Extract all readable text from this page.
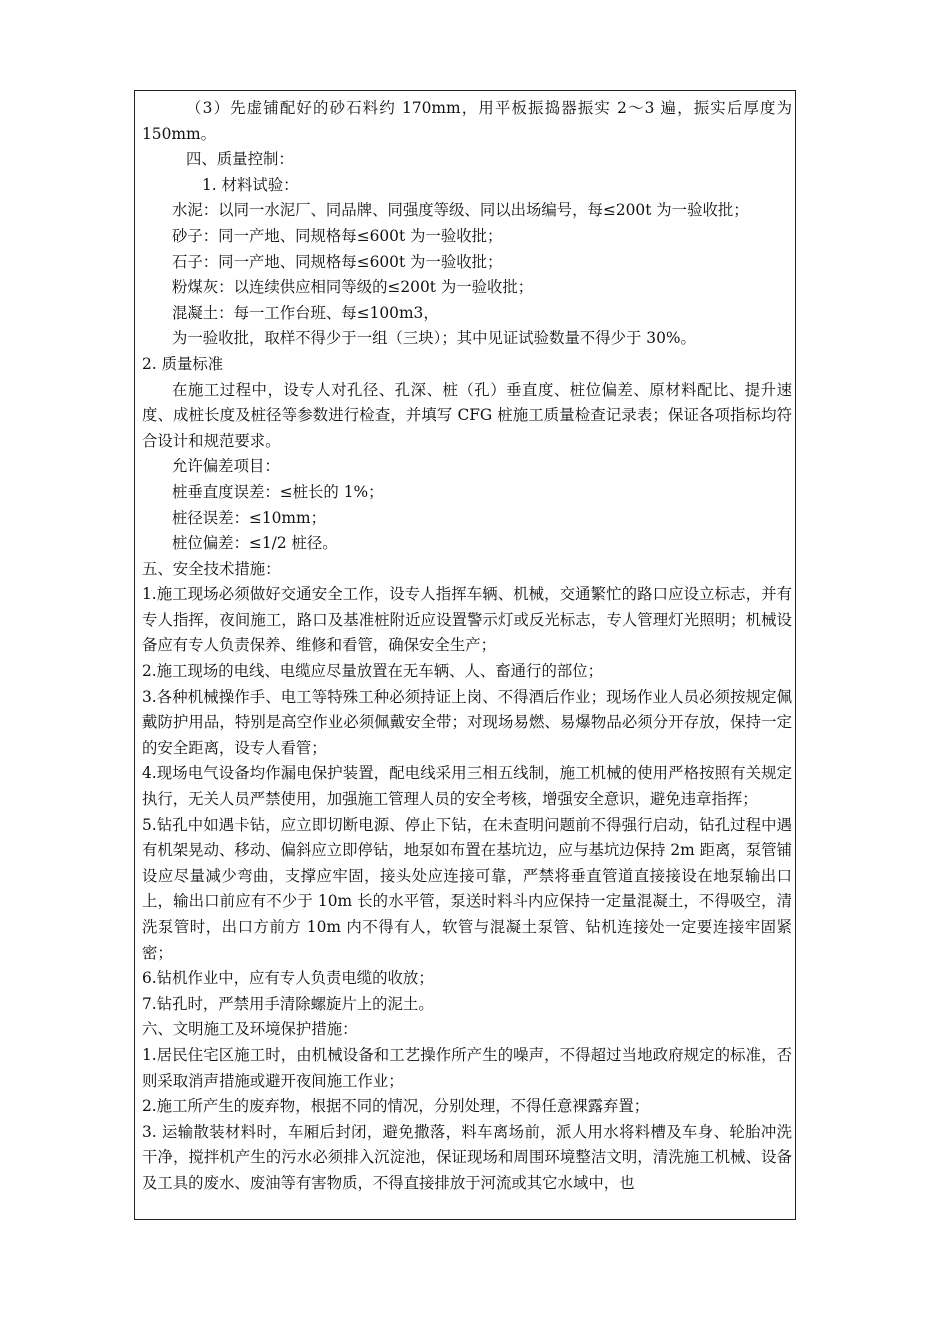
（3）先虚铺配好的砂石料约 170mm，用平板振捣器振实 2～3 遍，振实后厚度为 150mm。

四、质量控制：

1. 材料试验：

水泥：以同一水泥厂、同品牌、同强度等级、同以出场编号，每≤200t 为一验收批；

砂子：同一产地、同规格每≤600t 为一验收批；

石子：同一产地、同规格每≤600t 为一验收批；

粉煤灰：以连续供应相同等级的≤200t 为一验收批；

混凝土：每一工作台班、每≤100m3，

为一验收批，取样不得少于一组（三块）；其中见证试验数量不得少于 30%。

2. 质量标准

在施工过程中，设专人对孔径、孔深、桩（孔）垂直度、桩位偏差、原材料配比、提升速度、成桩长度及桩径等参数进行检查，并填写 CFG 桩施工质量检查记录表；保证各项指标均符合设计和规范要求。

允许偏差项目：

桩垂直度误差：≤桩长的 1%；

桩径误差：≤10mm；

桩位偏差：≤1/2 桩径。

五、安全技术措施：

1.施工现场必须做好交通安全工作，设专人指挥车辆、机械，交通繁忙的路口应设立标志，并有专人指挥，夜间施工，路口及基准桩附近应设置警示灯或反光标志，专人管理灯光照明；机械设备应有专人负责保养、维修和看管，确保安全生产；

2.施工现场的电线、电缆应尽量放置在无车辆、人、畜通行的部位；

3.各种机械操作手、电工等特殊工种必须持证上岗、不得酒后作业；现场作业人员必须按规定佩戴防护用品，特别是高空作业必须佩戴安全带；对现场易燃、易爆物品必须分开存放，保持一定的安全距离，设专人看管；

4.现场电气设备均作漏电保护装置，配电线采用三相五线制，施工机械的使用严格按照有关规定执行，无关人员严禁使用，加强施工管理人员的安全考核，增强安全意识，避免违章指挥；

5.钻孔中如遇卡钻，应立即切断电源、停止下钻，在未查明问题前不得强行启动，钻孔过程中遇有机架晃动、移动、偏斜应立即停钻，地泵如布置在基坑边，应与基坑边保持 2m 距离，泵管铺设应尽量减少弯曲，支撑应牢固，接头处应连接可靠，严禁将垂直管道直接接设在地泵输出口上，输出口前应有不少于 10m 长的水平管，泵送时料斗内应保持一定量混凝土，不得吸空，清洗泵管时，出口方前方 10m 内不得有人，软管与混凝土泵管、钻机连接处一定要连接牢固紧密；

6.钻机作业中，应有专人负责电缆的收放；

7.钻孔时，严禁用手清除螺旋片上的泥土。

六、文明施工及环境保护措施：

1.居民住宅区施工时，由机械设备和工艺操作所产生的噪声，不得超过当地政府规定的标准，否则采取消声措施或避开夜间施工作业；

2.施工所产生的废弃物，根据不同的情况，分别处理，不得任意裸露弃置；

3. 运输散装材料时，车厢后封闭，避免撒落，料车离场前，派人用水将料槽及车身、轮胎冲洗干净，搅拌机产生的污水必须排入沉淀池，保证现场和周围环境整洁文明，清洗施工机械、设备及工具的废水、废油等有害物质，不得直接排放于河流或其它水域中，也
